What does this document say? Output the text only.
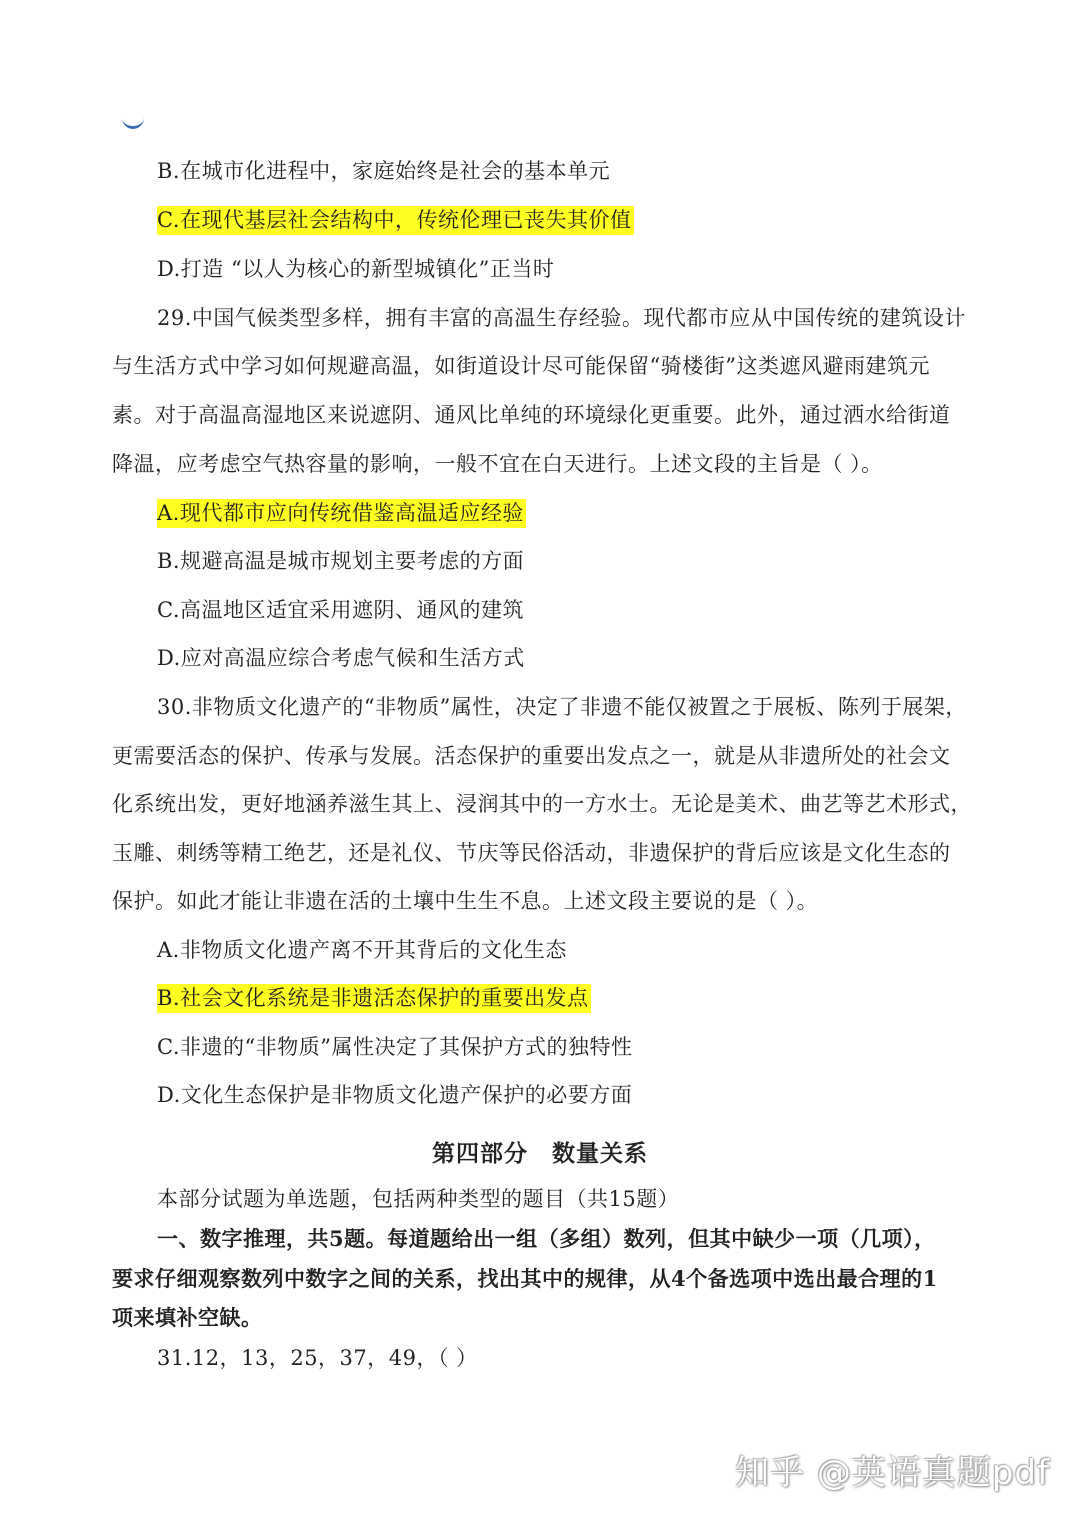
B.在城市化进程中，家庭始终是社会的基本单元
C.在现代基层社会结构中，传统伦理已丧失其价值
D.打造 “以人为核心的新型城镇化”正当时
29.中国气候类型多样，拥有丰富的高温生存经验。现代都市应从中国传统的建筑设计
与生活方式中学习如何规避高温，如街道设计尽可能保留“骑楼街”这类遮风避雨建筑元
素。对于高温高湿地区来说遮阴、通风比单纯的环境绿化更重要。此外，通过洒水给街道
降温，应考虑空气热容量的影响，一般不宜在白天进行。上述文段的主旨是（ ）。
A.现代都市应向传统借鉴高温适应经验
B.规避高温是城市规划主要考虑的方面
C.高温地区适宜采用遮阴、通风的建筑
D.应对高温应综合考虑气候和生活方式
30.非物质文化遗产的“非物质”属性，决定了非遗不能仅被置之于展板、陈列于展架，
更需要活态的保护、传承与发展。活态保护的重要出发点之一，就是从非遗所处的社会文
化系统出发，更好地涵养滋生其上、浸润其中的一方水士。无论是美术、曲艺等艺术形式，
玉雕、刺绣等精工绝艺，还是礼仪、节庆等民俗活动，非遗保护的背后应该是文化生态的
保护。如此才能让非遗在活的土壤中生生不息。上述文段主要说的是（ ）。
A.非物质文化遗产离不开其背后的文化生态
B.社会文化系统是非遗活态保护的重要出发点
C.非遗的“非物质”属性决定了其保护方式的独特性
D.文化生态保护是非物质文化遗产保护的必要方面
第四部分　数量关系
本部分试题为单选题，包括两种类型的题目（共15题）
一、数字推理，共5题。每道题给出一组（多组）数列，但其中缺少一项（几项），
要求仔细观察数列中数字之间的关系，找出其中的规律，从4个备选项中选出最合理的1
项来填补空缺。
31.12，13，25，37，49，（ ）
知乎 @英语真题pdf
